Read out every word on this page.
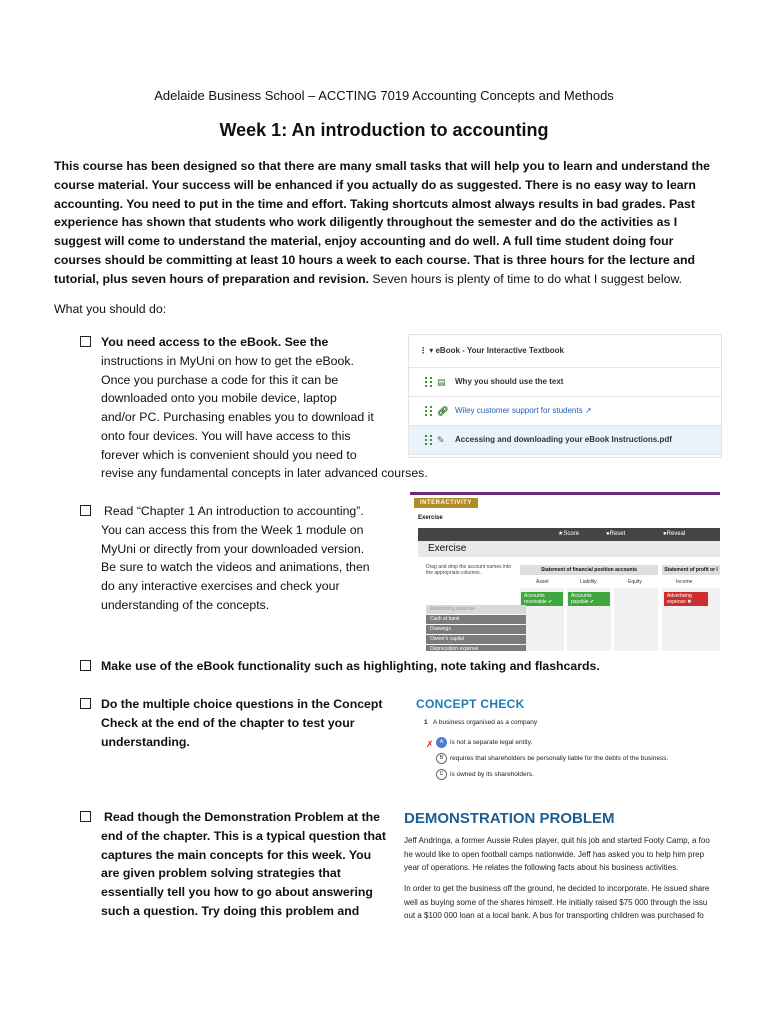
Adelaide Business School – ACCTING 7019 Accounting Concepts and Methods
Week 1: An introduction to accounting
This course has been designed so that there are many small tasks that will help you to learn and understand the
course material. Your success will be enhanced if you actually do as suggested. There is no easy way to learn
accounting. You need to put in the time and effort. Taking shortcuts almost always results in bad grades. Past
experience has shown that students who work diligently throughout the semester and do the activities as I
suggest will come to understand the material, enjoy accounting and do well. A full time student doing four
courses should be committing at least 10 hours a week to each course. That is three hours for the lecture and
tutorial, plus seven hours of preparation and revision. Seven hours is plenty of time to do what I suggest below.
What you should do:
You need access to the eBook. See the
instructions in MyUni on how to get the eBook.
Once you purchase a code for this it can be
downloaded onto you mobile device, laptop
and/or PC. Purchasing enables you to download it
onto four devices. You will have access to this
forever which is convenient should you need to
revise any fundamental concepts in later advanced courses.
Read “Chapter 1 An introduction to accounting”.
You can access this from the Week 1 module on
MyUni or directly from your downloaded version.
Be sure to watch the videos and animations, then
do any interactive exercises and check your
understanding of the concepts.
Make use of the eBook functionality such as highlighting, note taking and flashcards.
Do the multiple choice questions in the Concept
Check at the end of the chapter to test your
understanding.
Read though the Demonstration Problem at the
end of the chapter. This is a typical question that
captures the main concepts for this week. You
are given problem solving strategies that
essentially tell you how to go about answering
such a question. Try doing this problem and
⋮ ▾ eBook - Your Interactive Textbook
▤ Why you should use the text
🔗︎ Wiley customer support for students ↗
✎ Accessing and downloading your eBook Instructions.pdf
INTERACTIVITY
Exercise
★ Score	● Reset	● Reveal
Exercise
Drag and drop the account names into the appropriate columns.	Statement of financial position accounts	Statement of profit or l
Asset	Liability	Equity	Income
Accounts receivable ✔
Accounts payable ✔
Advertising expense ✖
Advertising expense
Cash at bank
Drawings
Owner's capital
Depreciation expense
CONCEPT CHECK
1 A business organised as a company
✗	A is not a separate legal entity.
B requires that shareholders be personally liable for the debts of the business.
C is owned by its shareholders.
DEMONSTRATION PROBLEM
Jeff Andringa, a former Aussie Rules player, quit his job and started Footy Camp, a foo
he would like to open football camps nationwide. Jeff has asked you to help him prep
year of operations. He relates the following facts about his business activities.
In order to get the business off the ground, he decided to incorporate. He issued share
well as buying some of the shares himself. He initially raised $75 000 through the issu
out a $100 000 loan at a local bank. A bus for transporting children was purchased fo
